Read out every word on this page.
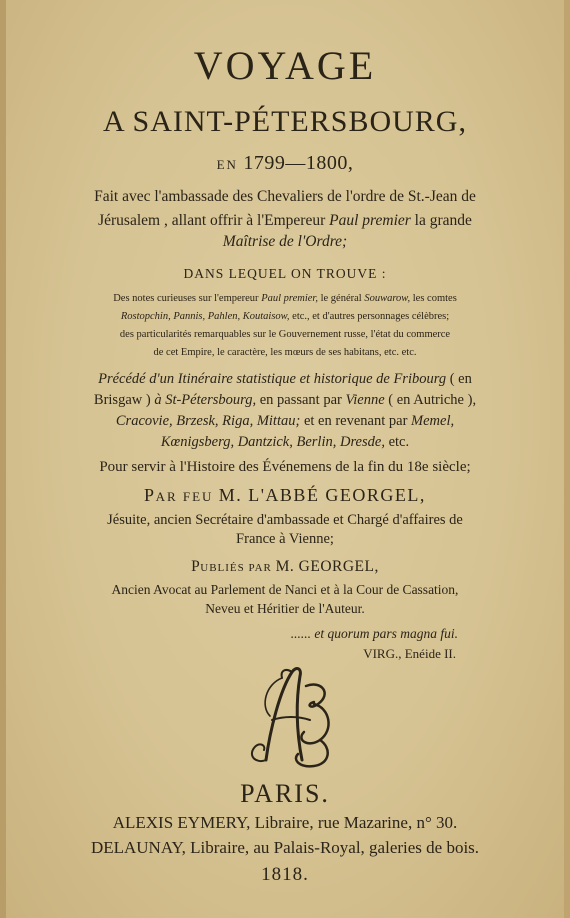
VOYAGE
A SAINT-PÉTERSBOURG,
EN 1799—1800,
Fait avec l'ambassade des Chevaliers de l'ordre de St.-Jean de
Jérusalem , allant offrir à l'Empereur Paul premier la grande
Maîtrise de l'Ordre;
DANS LEQUEL ON TROUVE :
Des notes curieuses sur l'empereur Paul premier, le général Souwarow, les comtes
Rostopchin, Pannis, Pahlen, Koutaisow, etc., et d'autres personnages célèbres;
des particularités remarquables sur le Gouvernement russe, l'état du commerce
de cet Empire, le caractère, les mœurs de ses habitans, etc. etc.
Précédé d'un Itinéraire statistique et historique de Fribourg ( en
Brisgaw ) à St-Pétersbourg, en passant par Vienne ( en Autriche ),
Cracovie, Brzesk, Riga, Mittau; et en revenant par Memel,
Kœnigsberg, Dantzick, Berlin, Dresde, etc.
Pour servir à l'Histoire des Événemens de la fin du 18e siècle;
PAR FEU M. L'ABBÉ GEORGEL,
Jésuite, ancien Secrétaire d'ambassade et Chargé d'affaires de
France à Vienne;
PUBLIÉS PAR M. GEORGEL,
Ancien Avocat au Parlement de Nanci et à la Cour de Cassation,
Neveu et Héritier de l'Auteur.
...... et quorum pars magna fui.
VIRG., Enéide II.
PARIS.
ALEXIS EYMERY, Libraire, rue Mazarine, n° 30.
DELAUNAY, Libraire, au Palais-Royal, galeries de bois.
1818.
